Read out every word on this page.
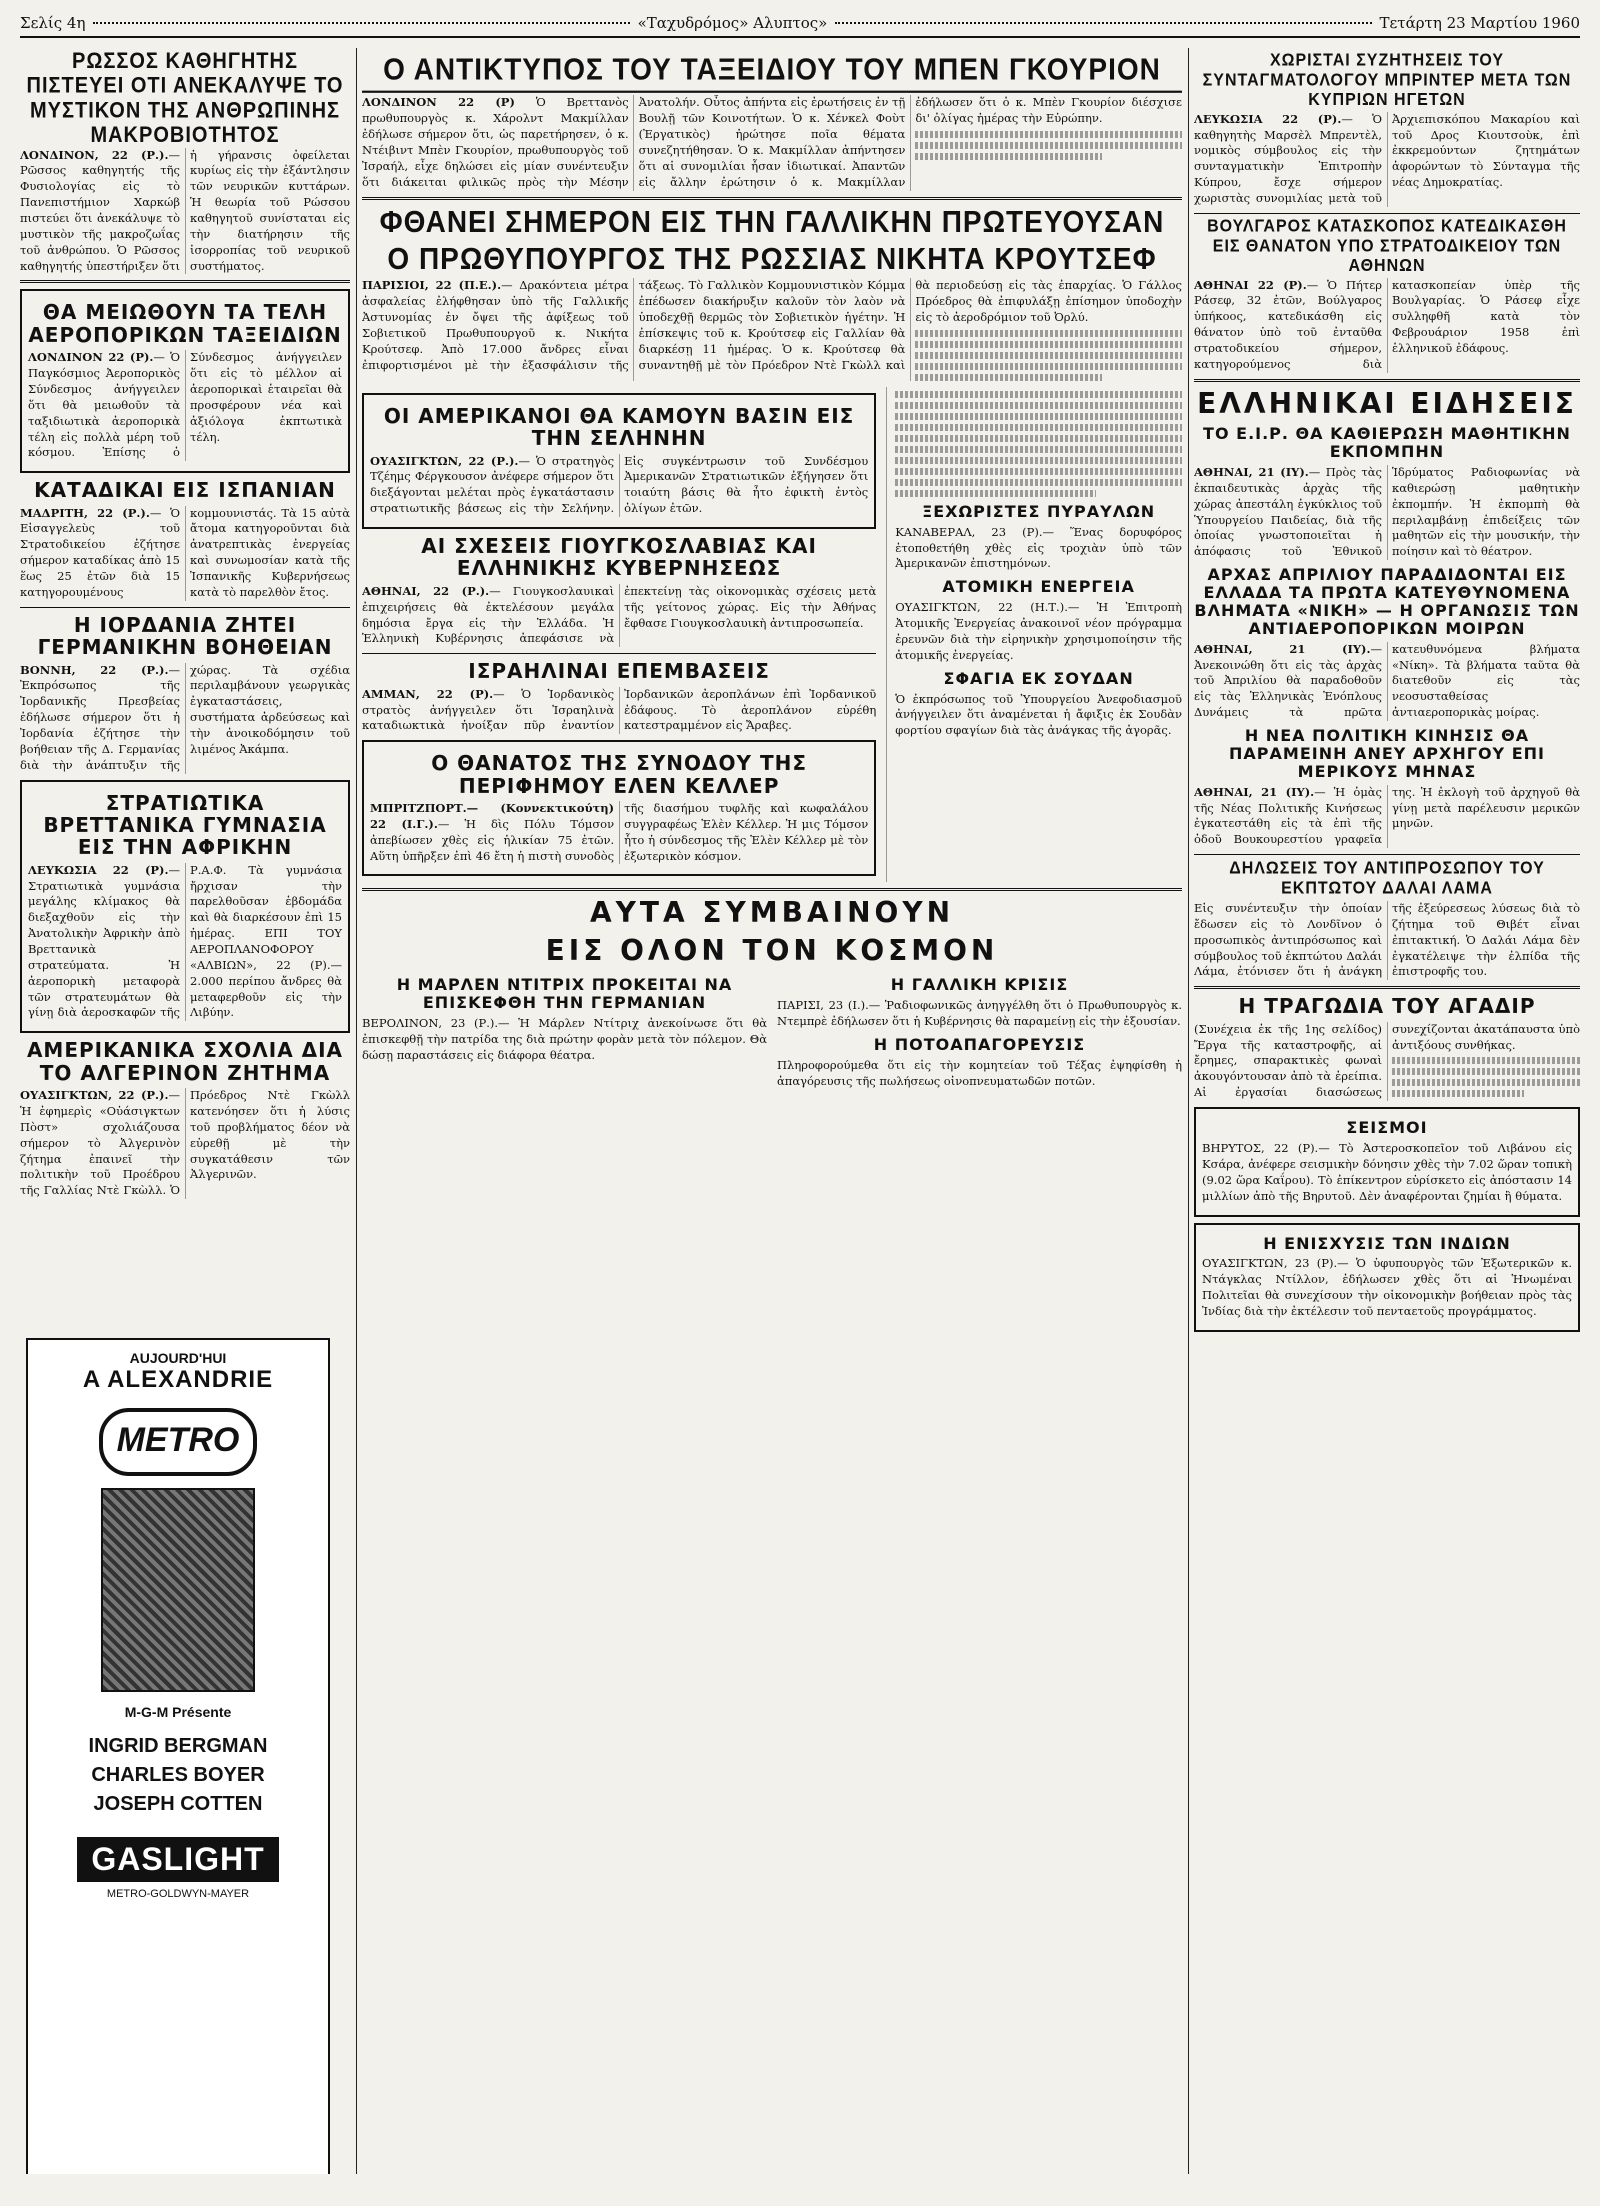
Σελίς 4η	«Ταχυδρόμος» Αλυπτος»	Τετάρτη 23 Μαρτίου 1960
ΡΩΣΣΟΣ ΚΑΘΗΓΗΤΗΣ ΠΙΣΤΕΥΕΙ ΟΤΙ ΑΝΕΚΑΛΥΨΕ ΤΟ ΜΥΣΤΙΚΟΝ ΤΗΣ ΑΝΘΡΩΠΙΝΗΣ ΜΑΚΡΟΒΙΟΤΗΤΟΣ
ΛΟΝΔΙΝΟΝ, 22 (Ρ.).— Ρῶσσος καθηγητής τῆς Φυσιολογίας εἰς τὸ Πανεπιστήμιον Χαρκώβ πιστεύει ὅτι ἀνεκάλυψε τὸ μυστικὸν τῆς μακροζωΐας τοῦ ἀνθρώπου. Ὁ Ρῶσσος καθηγητής ὑπεστήριξεν ὅτι ἡ γήρανσις ὀφείλεται κυρίως εἰς τὴν ἐξάντλησιν τῶν νευρικῶν κυττάρων. Ἡ θεωρία τοῦ Ρώσσου καθηγητοῦ συνίσταται εἰς τὴν διατήρησιν τῆς ἰσορροπίας τοῦ νευρικοῦ συστήματος.
ΘΑ ΜΕΙΩΘΟΥΝ ΤΑ ΤΕΛΗ ΑΕΡΟΠΟΡΙΚΩΝ ΤΑΞΕΙΔΙΩΝ
ΛΟΝΔΙΝΟΝ 22 (Ρ).— Ὁ Παγκόσμιος Ἀεροπορικὸς Σύνδεσμος ἀνήγγειλεν ὅτι θὰ μειωθοῦν τὰ ταξιδιωτικὰ ἀεροπορικὰ τέλη εἰς πολλὰ μέρη τοῦ κόσμου. Ἐπίσης ὁ Σύνδεσμος ἀνήγγειλεν ὅτι εἰς τὸ μέλλον αἱ ἀεροπορικαὶ ἑταιρεῖαι θὰ προσφέρουν νέα καὶ ἀξιόλογα ἐκπτωτικὰ τέλη.
ΚΑΤΑΔΙΚΑΙ ΕΙΣ ΙΣΠΑΝΙΑΝ
ΜΑΔΡΙΤΗ, 22 (Ρ.).— Ὁ Εἰσαγγελεὺς τοῦ Στρατοδικείου ἐζήτησε σήμερον καταδίκας ἀπὸ 15 ἕως 25 ἐτῶν διὰ 15 κατηγορουμένους κομμουνιστάς. Τὰ 15 αὐτὰ ἄτομα κατηγοροῦνται διὰ ἀνατρεπτικὰς ἐνεργείας καὶ συνωμοσίαν κατὰ τῆς Ἰσπανικῆς Κυβερνήσεως κατὰ τὸ παρελθὸν ἔτος.
Η ΙΟΡΔΑΝΙΑ ΖΗΤΕΙ ΓΕΡΜΑΝΙΚΗΝ ΒΟΗΘΕΙΑΝ
ΒΟΝΝΗ, 22 (Ρ.).— Ἐκπρόσωπος τῆς Ἰορδανικῆς Πρεσβείας ἐδήλωσε σήμερον ὅτι ἡ Ἰορδανία ἐζήτησε τὴν βοήθειαν τῆς Δ. Γερμανίας διὰ τὴν ἀνάπτυξιν τῆς χώρας. Τὰ σχέδια περιλαμβάνουν γεωργικὰς ἐγκαταστάσεις, συστήματα ἀρδεύσεως καὶ τὴν ἀνοικοδόμησιν τοῦ λιμένος Ἀκάμπα.
ΣΤΡΑΤΙΩΤΙΚΑ ΒΡΕΤΤΑΝΙΚΑ ΓΥΜΝΑΣΙΑ ΕΙΣ ΤΗΝ ΑΦΡΙΚΗΝ
ΛΕΥΚΩΣΙΑ 22 (Ρ).— Στρατιωτικὰ γυμνάσια μεγάλης κλίμακος θὰ διεξαχθοῦν εἰς τὴν Ἀνατολικὴν Ἀφρικὴν ἀπὸ Βρεττανικὰ στρατεύματα. Ἡ ἀεροπορικὴ μεταφορὰ τῶν στρατευμάτων θὰ γίνῃ διὰ ἀεροσκαφῶν τῆς Ρ.Α.Φ. Τὰ γυμνάσια ἤρχισαν τὴν παρελθοῦσαν ἑβδομάδα καὶ θὰ διαρκέσουν ἐπὶ 15 ἡμέρας. ΕΠΙ ΤΟΥ ΑΕΡΟΠΛΑΝΟΦΟΡΟΥ «ΑΛΒΙΩΝ», 22 (Ρ).— 2.000 περίπου ἄνδρες θὰ μεταφερθοῦν εἰς τὴν Λιβύην.
ΑΜΕΡΙΚΑΝΙΚΑ ΣΧΟΛΙΑ ΔΙΑ ΤΟ ΑΛΓΕΡΙΝΟΝ ΖΗΤΗΜΑ
ΟΥΑΣΙΓΚΤΩΝ, 22 (Ρ.).— Ἡ ἐφημερὶς «Οὐάσιγκτων Πὸστ» σχολιάζουσα σήμερον τὸ Ἀλγερινὸν ζήτημα ἐπαινεῖ τὴν πολιτικὴν τοῦ Προέδρου τῆς Γαλλίας Ντὲ Γκὼλλ. Ὁ Πρόεδρος Ντὲ Γκὼλλ κατενόησεν ὅτι ἡ λύσις τοῦ προβλήματος δέον νὰ εὑρεθῇ μὲ τὴν συγκατάθεσιν τῶν Ἀλγερινῶν.
AUJOURD'HUI
A ALEXANDRIE
METRO
M-G-M Présente
INGRID BERGMAN
CHARLES BOYER
JOSEPH COTTEN
GASLIGHT
METRO-GOLDWYN-MAYER
Ο ΑΝΤΙΚΤΥΠΟΣ ΤΟΥ ΤΑΞΕΙΔΙΟΥ ΤΟΥ ΜΠΕΝ ΓΚΟΥΡΙΟΝ
ΛΟΝΔΙΝΟΝ 22 (Ρ) Ὁ Βρεττανὸς πρωθυπουργὸς κ. Χάρολντ Μακμίλλαν ἐδήλωσε σήμερον ὅτι, ὡς παρετήρησεν, ὁ κ. Ντέιβιντ Μπὲν Γκουρίον, πρωθυπουργὸς τοῦ Ἰσραήλ, εἶχε δηλώσει εἰς μίαν συνέντευξιν ὅτι διάκειται φιλικῶς πρὸς τὴν Μέσην Ἀνατολήν. Οὗτος ἀπήντα εἰς ἐρωτήσεις ἐν τῇ Βουλῇ τῶν Κοινοτήτων. Ὁ κ. Χένκελ Φοὺτ (Ἐργατικὸς) ἠρώτησε ποῖα θέματα συνεζητήθησαν. Ὁ κ. Μακμίλλαν ἀπήντησεν ὅτι αἱ συνομιλίαι ἦσαν ἰδιωτικαί. Ἀπαντῶν εἰς ἄλλην ἐρώτησιν ὁ κ. Μακμίλλαν ἐδήλωσεν ὅτι ὁ κ. Μπὲν Γκουρίον διέσχισε δι' ὀλίγας ἡμέρας τὴν Εὐρώπην.
ΦΘΑΝΕΙ ΣΗΜΕΡΟΝ ΕΙΣ ΤΗΝ ΓΑΛΛΙΚΗΝ ΠΡΩΤΕΥΟΥΣΑΝ
Ο ΠΡΩΘΥΠΟΥΡΓΟΣ ΤΗΣ ΡΩΣΣΙΑΣ ΝΙΚΗΤΑ ΚΡΟΥΤΣΕΦ
ΠΑΡΙΣΙΟΙ, 22 (Π.Ε.).— Δρακόντεια μέτρα ἀσφαλείας ἐλήφθησαν ὑπὸ τῆς Γαλλικῆς Ἀστυνομίας ἐν ὄψει τῆς ἀφίξεως τοῦ Σοβιετικοῦ Πρωθυπουργοῦ κ. Νικήτα Κρούτσεφ. Ἀπὸ 17.000 ἄνδρες εἶναι ἐπιφορτισμένοι μὲ τὴν ἐξασφάλισιν τῆς τάξεως. Τὸ Γαλλικὸν Κομμουνιστικὸν Κόμμα ἐπέδωσεν διακήρυξιν καλοῦν τὸν λαὸν νὰ ὑποδεχθῇ θερμῶς τὸν Σοβιετικὸν ἡγέτην. Ἡ ἐπίσκεψις τοῦ κ. Κρούτσεφ εἰς Γαλλίαν θὰ διαρκέσῃ 11 ἡμέρας. Ὁ κ. Κρούτσεφ θὰ συναντηθῇ μὲ τὸν Πρόεδρον Ντὲ Γκὼλλ καὶ θὰ περιοδεύσῃ εἰς τὰς ἐπαρχίας. Ὁ Γάλλος Πρόεδρος θὰ ἐπιφυλάξῃ ἐπίσημον ὑποδοχὴν εἰς τὸ ἀεροδρόμιον τοῦ Ὀρλύ.
ΟΙ ΑΜΕΡΙΚΑΝΟΙ ΘΑ ΚΑΜΟΥΝ ΒΑΣΙΝ ΕΙΣ ΤΗΝ ΣΕΛΗΝΗΝ
ΟΥΑΣΙΓΚΤΩΝ, 22 (Ρ.).— Ὁ στρατηγὸς Τζέημς Φέργκουσον ἀνέφερε σήμερον ὅτι διεξάγονται μελέται πρὸς ἐγκατάστασιν στρατιωτικῆς βάσεως εἰς τὴν Σελήνην. Εἰς συγκέντρωσιν τοῦ Συνδέσμου Ἀμερικανῶν Στρατιωτικῶν ἐξήγησεν ὅτι τοιαύτη βάσις θὰ ἦτο ἐφικτὴ ἐντὸς ὀλίγων ἐτῶν.
ΑΙ ΣΧΕΣΕΙΣ ΓΙΟΥΓΚΟΣΛΑΒΙΑΣ ΚΑΙ ΕΛΛΗΝΙΚΗΣ ΚΥΒΕΡΝΗΣΕΩΣ
ΑΘΗΝΑΙ, 22 (Ρ.).— Γιουγκοσλαυικαὶ ἐπιχειρήσεις θὰ ἐκτελέσουν μεγάλα δημόσια ἔργα εἰς τὴν Ἑλλάδα. Ἡ Ἑλληνικὴ Κυβέρνησις ἀπεφάσισε νὰ ἐπεκτείνῃ τὰς οἰκονομικὰς σχέσεις μετὰ τῆς γείτονος χώρας. Εἰς τὴν Ἀθήνας ἔφθασε Γιουγκοσλαυικὴ ἀντιπροσωπεία.
ΙΣΡΑΗΛΙΝΑΙ ΕΠΕΜΒΑΣΕΙΣ
ΑΜΜΑΝ, 22 (Ρ).— Ὁ Ἰορδανικὸς στρατὸς ἀνήγγειλεν ὅτι Ἰσραηλινὰ καταδιωκτικὰ ἠνοίξαν πῦρ ἐναντίον Ἰορδανικῶν ἀεροπλάνων ἐπὶ Ἰορδανικοῦ ἐδάφους. Τὸ ἀεροπλάνον εὑρέθη κατεστραμμένον εἰς Ἄραβες.
Ο ΘΑΝΑΤΟΣ ΤΗΣ ΣΥΝΟΔΟΥ ΤΗΣ ΠΕΡΙΦΗΜΟΥ ΕΛΕΝ ΚΕΛΛΕΡ
ΜΠΡΙΤΖΠΟΡΤ.— (Κοννεκτικούτη) 22 (Ι.Γ.).— Ἡ δὶς Πόλυ Τόμσον ἀπεβίωσεν χθὲς εἰς ἡλικίαν 75 ἐτῶν. Αὕτη ὑπῆρξεν ἐπὶ 46 ἔτη ἡ πιστὴ συνοδὸς τῆς διασήμου τυφλῆς καὶ κωφαλάλου συγγραφέως Ἑλὲν Κέλλερ. Ἡ μις Τόμσον ἦτο ἡ σύνδεσμος τῆς Ἑλὲν Κέλλερ μὲ τὸν ἐξωτερικὸν κόσμον.
ΞΕΧΩΡΙΣΤΕΣ ΠΥΡΑΥΛΩΝ
ΚΑΝΑΒΕΡΑΛ, 23 (Ρ).— Ἕνας δορυφόρος ἐτοποθετήθη χθὲς εἰς τροχιὰν ὑπὸ τῶν Ἀμερικανῶν ἐπιστημόνων.
ΑΤΟΜΙΚΗ ΕΝΕΡΓΕΙΑ
ΟΥΑΣΙΓΚΤΩΝ, 22 (Η.Τ.).— Ἡ Ἐπιτροπὴ Ἀτομικῆς Ἐνεργείας ἀνακοινοῖ νέον πρόγραμμα ἐρευνῶν διὰ τὴν εἰρηνικὴν χρησιμοποίησιν τῆς ἀτομικῆς ἐνεργείας.
ΣΦΑΓΙΑ ΕΚ ΣΟΥΔΑΝ
Ὁ ἐκπρόσωπος τοῦ Ὑπουργείου Ἀνεφοδιασμοῦ ἀνήγγειλεν ὅτι ἀναμένεται ἡ ἄφιξις ἐκ Σουδὰν φορτίου σφαγίων διὰ τὰς ἀνάγκας τῆς ἀγορᾶς.
ΑΥΤΑ ΣΥΜΒΑΙΝΟΥΝ
ΕΙΣ ΟΛΟΝ ΤΟΝ ΚΟΣΜΟΝ
Η ΜΑΡΛΕΝ ΝΤΙΤΡΙΧ ΠΡΟΚΕΙΤΑΙ ΝΑ ΕΠΙΣΚΕΦΘΗ ΤΗΝ ΓΕΡΜΑΝΙΑΝ
ΒΕΡΟΛΙΝΟΝ, 23 (Ρ.).— Ἡ Μάρλεν Ντίτριχ ἀνεκοίνωσε ὅτι θὰ ἐπισκεφθῇ τὴν πατρίδα της διὰ πρώτην φορὰν μετὰ τὸν πόλεμον. Θὰ δώσῃ παραστάσεις εἰς διάφορα θέατρα.
Η ΓΑΛΛΙΚΗ ΚΡΙΣΙΣ
ΠΑΡΙΣΙ, 23 (Ι.).— Ῥαδιοφωνικῶς ἀνηγγέλθη ὅτι ὁ Πρωθυπουργὸς κ. Ντεμπρὲ ἐδήλωσεν ὅτι ἡ Κυβέρνησις θὰ παραμείνῃ εἰς τὴν ἐξουσίαν.
Η ΠΟΤΟΑΠΑΓΟΡΕΥΣΙΣ
Πληροφορούμεθα ὅτι εἰς τὴν κομητείαν τοῦ Τέξας ἐψηφίσθη ἡ ἀπαγόρευσις τῆς πωλήσεως οἰνοπνευματωδῶν ποτῶν.
ΧΩΡΙΣΤΑΙ ΣΥΖΗΤΗΣΕΙΣ ΤΟΥ ΣΥΝΤΑΓΜΑΤΟΛΟΓΟΥ ΜΠΡΙΝΤΕΡ ΜΕΤΑ ΤΩΝ ΚΥΠΡΙΩΝ ΗΓΕΤΩΝ
ΛΕΥΚΩΣΙΑ 22 (Ρ).— Ὁ καθηγητὴς Μαρσὲλ Μπρεντὲλ, νομικὸς σύμβουλος εἰς τὴν συνταγματικὴν Ἐπιτροπὴν Κύπρου, ἔσχε σήμερον χωριστὰς συνομιλίας μετὰ τοῦ Ἀρχιεπισκόπου Μακαρίου καὶ τοῦ Δρος Κιουτσοὺκ, ἐπὶ ἐκκρεμούντων ζητημάτων ἀφορώντων τὸ Σύνταγμα τῆς νέας Δημοκρατίας.
ΒΟΥΛΓΑΡΟΣ ΚΑΤΑΣΚΟΠΟΣ ΚΑΤΕΔΙΚΑΣΘΗ ΕΙΣ ΘΑΝΑΤΟΝ ΥΠΟ ΣΤΡΑΤΟΔΙΚΕΙΟΥ ΤΩΝ ΑΘΗΝΩΝ
ΑΘΗΝΑΙ 22 (Ρ).— Ὁ Πήτερ Ράσεφ, 32 ἐτῶν, Βούλγαρος ὑπήκοος, κατεδικάσθη εἰς θάνατον ὑπὸ τοῦ ἐνταῦθα στρατοδικείου σήμερον, κατηγορούμενος διὰ κατασκοπείαν ὑπὲρ τῆς Βουλγαρίας. Ὁ Ράσεφ εἶχε συλληφθῆ κατὰ τὸν Φεβρουάριον 1958 ἐπὶ ἑλληνικοῦ ἐδάφους.
ΕΛΛΗΝΙΚΑΙ ΕΙΔΗΣΕΙΣ
ΤΟ Ε.Ι.Ρ. ΘΑ ΚΑΘΙΕΡΩΣΗ ΜΑΘΗΤΙΚΗΝ ΕΚΠΟΜΠΗΝ
ΑΘΗΝΑΙ, 21 (ΙΥ).— Πρὸς τὰς ἐκπαιδευτικὰς ἀρχὰς τῆς χώρας ἀπεστάλη ἐγκύκλιος τοῦ Ὑπουργείου Παιδείας, διὰ τῆς ὁποίας γνωστοποιεῖται ἡ ἀπόφασις τοῦ Ἐθνικοῦ Ἱδρύματος Ραδιοφωνίας νὰ καθιερώσῃ μαθητικὴν ἐκπομπήν. Ἡ ἐκπομπὴ θὰ περιλαμβάνῃ ἐπιδείξεις τῶν μαθητῶν εἰς τὴν μουσικήν, τὴν ποίησιν καὶ τὸ θέατρον.
ΑΡΧΑΣ ΑΠΡΙΛΙΟΥ ΠΑΡΑΔΙΔΟΝΤΑΙ ΕΙΣ ΕΛΛΑΔΑ ΤΑ ΠΡΩΤΑ ΚΑΤΕΥΘΥΝΟΜΕΝΑ ΒΛΗΜΑΤΑ «ΝΙΚΗ» — Η ΟΡΓΑΝΩΣΙΣ ΤΩΝ ΑΝΤΙΑΕΡΟΠΟΡΙΚΩΝ ΜΟΙΡΩΝ
ΑΘΗΝΑΙ, 21 (ΙΥ).— Ἀνεκοινώθη ὅτι εἰς τὰς ἀρχὰς τοῦ Ἀπριλίου θὰ παραδοθοῦν εἰς τὰς Ἑλληνικὰς Ἐνόπλους Δυνάμεις τὰ πρῶτα κατευθυνόμενα βλήματα «Νίκη». Τὰ βλήματα ταῦτα θὰ διατεθοῦν εἰς τὰς νεοσυσταθείσας ἀντιαεροπορικὰς μοίρας.
Η ΝΕΑ ΠΟΛΙΤΙΚΗ ΚΙΝΗΣΙΣ ΘΑ ΠΑΡΑΜΕΙΝΗ ΑΝΕΥ ΑΡΧΗΓΟΥ ΕΠΙ ΜΕΡΙΚΟΥΣ ΜΗΝΑΣ
ΑΘΗΝΑΙ, 21 (ΙΥ).— Ἡ ὁμὰς τῆς Νέας Πολιτικῆς Κινήσεως ἐγκατεστάθη εἰς τὰ ἐπὶ τῆς ὁδοῦ Βουκουρεστίου γραφεῖα της. Ἡ ἐκλογὴ τοῦ ἀρχηγοῦ θὰ γίνῃ μετὰ παρέλευσιν μερικῶν μηνῶν.
ΔΗΛΩΣΕΙΣ ΤΟΥ ΑΝΤΙΠΡΟΣΩΠΟΥ ΤΟΥ ΕΚΠΤΩΤΟΥ ΔΑΛΑΙ ΛΑΜΑ
Εἰς συνέντευξιν τὴν ὁποίαν ἔδωσεν εἰς τὸ Λονδῖνον ὁ προσωπικὸς ἀντιπρόσωπος καὶ σύμβουλος τοῦ ἐκπτώτου Δαλάι Λάμα, ἐτόνισεν ὅτι ἡ ἀνάγκη τῆς ἐξεύρεσεως λύσεως διὰ τὸ ζήτημα τοῦ Θιβέτ εἶναι ἐπιτακτική. Ὁ Δαλάι Λάμα δὲν ἐγκατέλειψε τὴν ἐλπίδα τῆς ἐπιστροφῆς του.
Η ΤΡΑΓΩΔΙΑ ΤΟΥ ΑΓΑΔΙΡ
(Συνέχεια ἐκ τῆς 1ης σελίδος) Ἔργα τῆς καταστροφῆς, αἱ ἔρημες, σπαρακτικὲς φωναὶ ἀκουγόντουσαν ἀπὸ τὰ ἐρείπια. Αἱ ἐργασίαι διασώσεως συνεχίζονται ἀκατάπαυστα ὑπὸ ἀντιξόους συνθήκας.
ΣΕΙΣΜΟΙ
ΒΗΡΥΤΟΣ, 22 (Ρ).— Τὸ Ἀστεροσκοπεῖον τοῦ Λιβάνου εἰς Κσάρα, ἀνέφερε σεισμικὴν δόνησιν χθὲς τὴν 7.02 ὥραν τοπικὴ (9.02 ὥρα Καΐρου). Τὸ ἐπίκεντρον εὑρίσκετο εἰς ἀπόστασιν 14 μιλλίων ἀπὸ τῆς Βηρυτοῦ. Δὲν ἀναφέρονται ζημίαι ἢ θύματα.
Η ΕΝΙΣΧΥΣΙΣ ΤΩΝ ΙΝΔΙΩΝ
ΟΥΑΣΙΓΚΤΩΝ, 23 (Ρ).— Ὁ ὑφυπουργὸς τῶν Ἐξωτερικῶν κ. Ντάγκλας Ντίλλον, ἐδήλωσεν χθὲς ὅτι αἱ Ἡνωμέναι Πολιτεῖαι θὰ συνεχίσουν τὴν οἰκονομικὴν βοήθειαν πρὸς τὰς Ἰνδίας διὰ τὴν ἐκτέλεσιν τοῦ πενταετοῦς προγράμματος.
